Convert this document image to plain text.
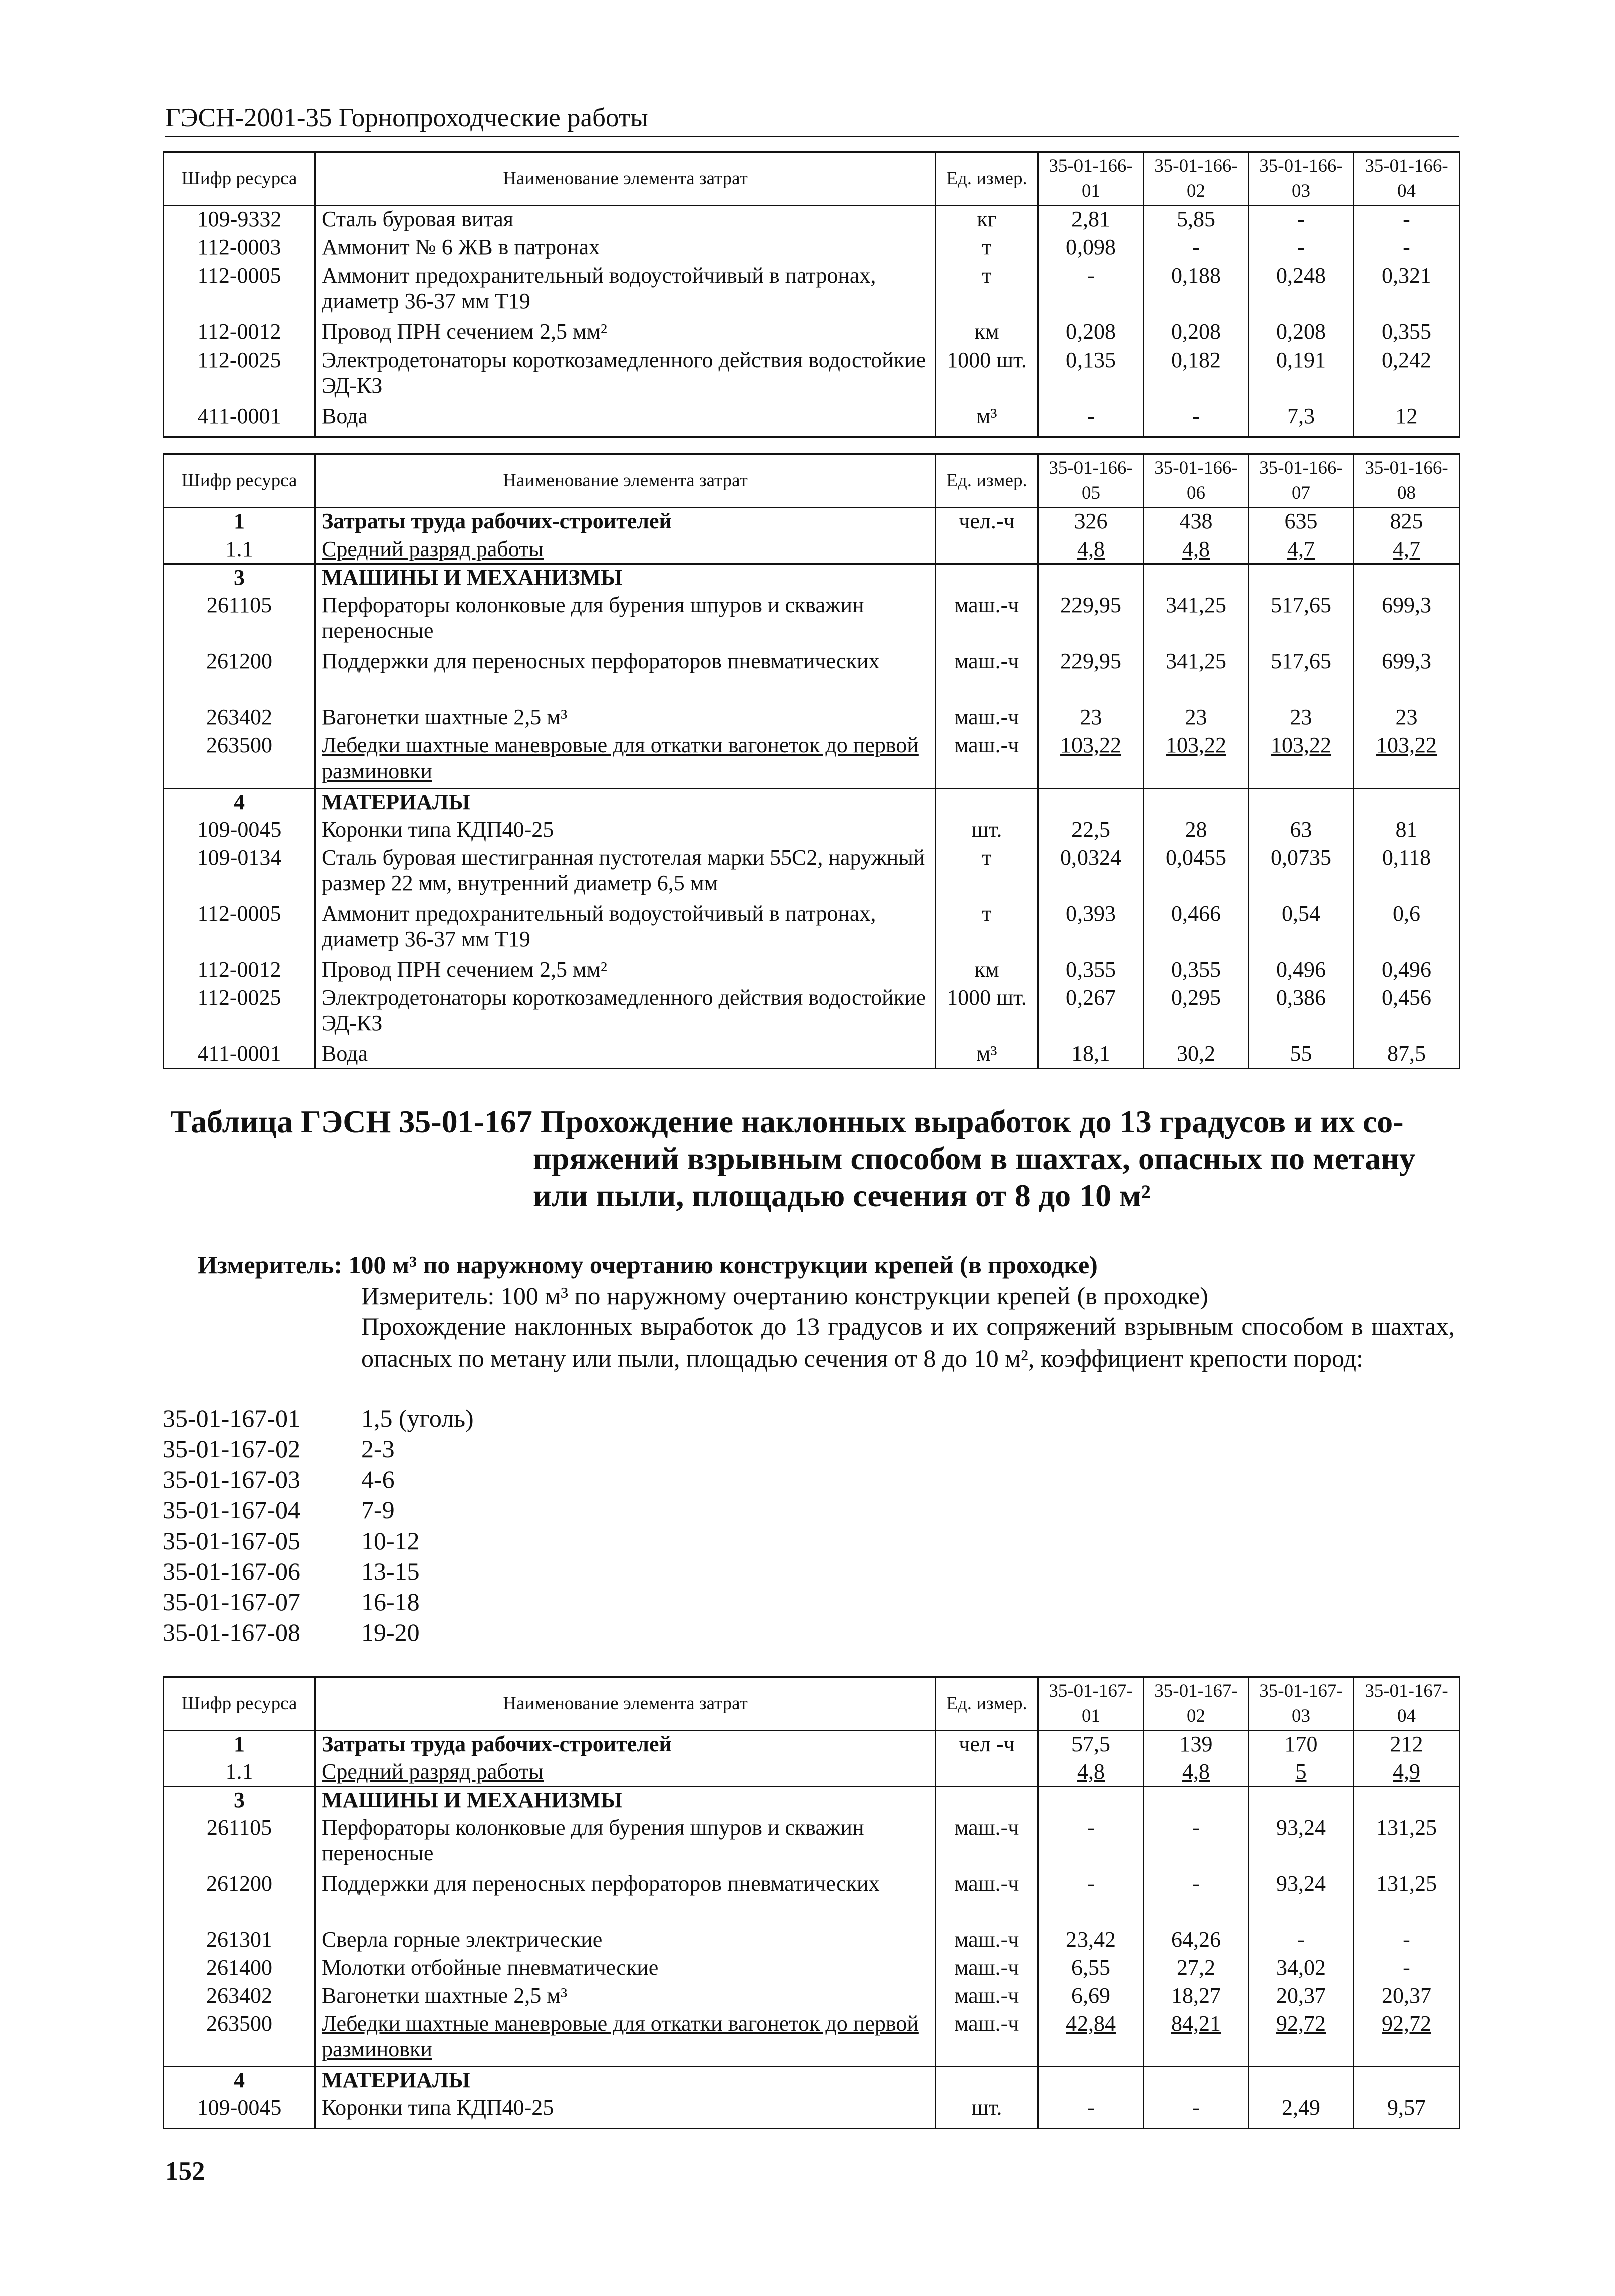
ГЭСН-2001-35 Горнопроходческие работы
Шифр ресурса	Наименование элемента затрат	Ед. измер.	35-01-166-01	35-01-166-02	35-01-166-03	35-01-166-04
109-9332	Сталь буровая витая	кг	2,81	5,85	-	-
112-0003	Аммонит № 6 ЖВ в патронах	т	0,098	-	-	-
112-0005	Аммонит предохранительный водоустойчивый в патронах, диаметр 36-37 мм Т19	т	-	0,188	0,248	0,321
112-0012	Провод ПРН сечением 2,5 мм²	км	0,208	0,208	0,208	0,355
112-0025	Электродетонаторы короткозамедленного действия водостойкие ЭД-КЗ	1000 шт.	0,135	0,182	0,191	0,242
411-0001	Вода	м³	-	-	7,3	12
Шифр ресурса	Наименование элемента затрат	Ед. измер.	35-01-166-05	35-01-166-06	35-01-166-07	35-01-166-08
1	Затраты труда рабочих-строителей	чел.-ч	326	438	635	825
1.1	Средний разряд работы		4,8	4,8	4,7	4,7
3	МАШИНЫ И МЕХАНИЗМЫ					
261105	Перфораторы колонковые для бурения шпуров и скважин переносные	маш.-ч	229,95	341,25	517,65	699,3
261200	Поддержки для переносных перфораторов пневматических	маш.-ч	229,95	341,25	517,65	699,3
263402	Вагонетки шахтные 2,5 м³	маш.-ч	23	23	23	23
263500	Лебедки шахтные маневровые для откатки вагонеток до первой разминовки	маш.-ч	103,22	103,22	103,22	103,22
4	МАТЕРИАЛЫ					
109-0045	Коронки типа КДП40-25	шт.	22,5	28	63	81
109-0134	Сталь буровая шестигранная пустотелая марки 55С2, наружный размер 22 мм, внутренний диаметр 6,5 мм	т	0,0324	0,0455	0,0735	0,118
112-0005	Аммонит предохранительный водоустойчивый в патронах, диаметр 36-37 мм Т19	т	0,393	0,466	0,54	0,6
112-0012	Провод ПРН сечением 2,5 мм²	км	0,355	0,355	0,496	0,496
112-0025	Электродетонаторы короткозамедленного действия водостойкие ЭД-КЗ	1000 шт.	0,267	0,295	0,386	0,456
411-0001	Вода	м³	18,1	30,2	55	87,5
Таблица ГЭСН 35-01-167 Прохождение наклонных выработок до 13 градусов и их со-
пряжений взрывным способом в шахтах, опасных по метану
или пыли, площадью сечения от 8 до 10 м²
Измеритель: 100 м³ по наружному очертанию конструкции крепей (в проходке)
Измеритель: 100 м³ по наружному очертанию конструкции крепей (в проходке)
Прохождение наклонных выработок до 13 градусов и их сопряжений взрывным способом в шахтах, опасных по метану или пыли, площадью сечения от 8 до 10 м², коэффициент крепости пород:
35-01-167-01	1,5 (уголь)
35-01-167-02	2-3
35-01-167-03	4-6
35-01-167-04	7-9
35-01-167-05	10-12
35-01-167-06	13-15
35-01-167-07	16-18
35-01-167-08	19-20
Шифр ресурса	Наименование элемента затрат	Ед. измер.	35-01-167-01	35-01-167-02	35-01-167-03	35-01-167-04
1	Затраты труда рабочих-строителей	чел -ч	57,5	139	170	212
1.1	Средний разряд работы		4,8	4,8	5	4,9
3	МАШИНЫ И МЕХАНИЗМЫ					
261105	Перфораторы колонковые для бурения шпуров и скважин переносные	маш.-ч	-	-	93,24	131,25
261200	Поддержки для переносных перфораторов пневматических	маш.-ч	-	-	93,24	131,25
261301	Сверла горные электрические	маш.-ч	23,42	64,26	-	-
261400	Молотки отбойные пневматические	маш.-ч	6,55	27,2	34,02	-
263402	Вагонетки шахтные 2,5 м³	маш.-ч	6,69	18,27	20,37	20,37
263500	Лебедки шахтные маневровые для откатки вагонеток до первой разминовки	маш.-ч	42,84	84,21	92,72	92,72
4	МАТЕРИАЛЫ					
109-0045	Коронки типа КДП40-25	шт.	-	-	2,49	9,57
152
